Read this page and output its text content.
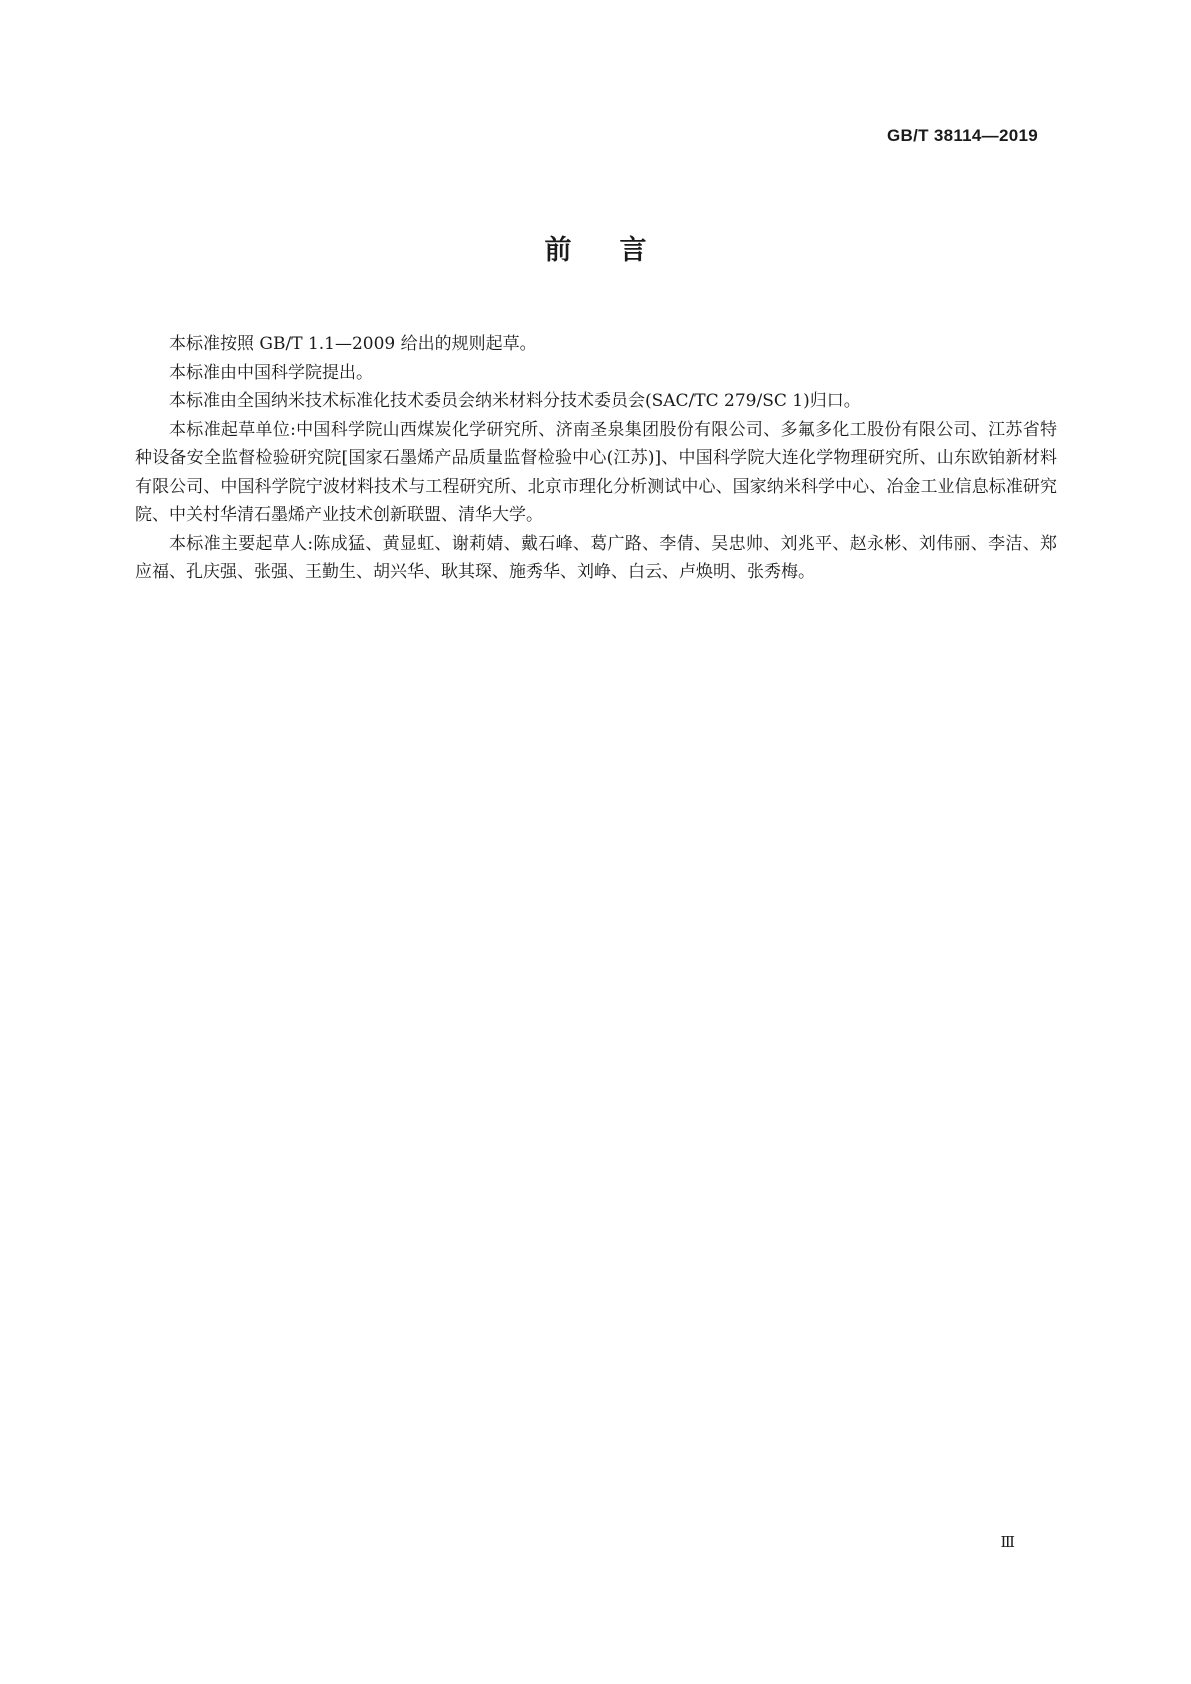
GB/T 38114—2019
前言

本标准按照 GB/T 1.1—2009 给出的规则起草。

本标准由中国科学院提出。

本标准由全国纳米技术标准化技术委员会纳米材料分技术委员会(SAC/TC 279/SC 1)归口。

本标准起草单位:中国科学院山西煤炭化学研究所、济南圣泉集团股份有限公司、多氟多化工股份有限公司、江苏省特种设备安全监督检验研究院[国家石墨烯产品质量监督检验中心(江苏)]、中国科学院大连化学物理研究所、山东欧铂新材料有限公司、中国科学院宁波材料技术与工程研究所、北京市理化分析测试中心、国家纳米科学中心、冶金工业信息标准研究院、中关村华清石墨烯产业技术创新联盟、清华大学。

本标准主要起草人:陈成猛、黄显虹、谢莉婧、戴石峰、葛广路、李倩、吴忠帅、刘兆平、赵永彬、刘伟丽、李洁、郑应福、孔庆强、张强、王勤生、胡兴华、耿其琛、施秀华、刘峥、白云、卢焕明、张秀梅。

Ⅲ
